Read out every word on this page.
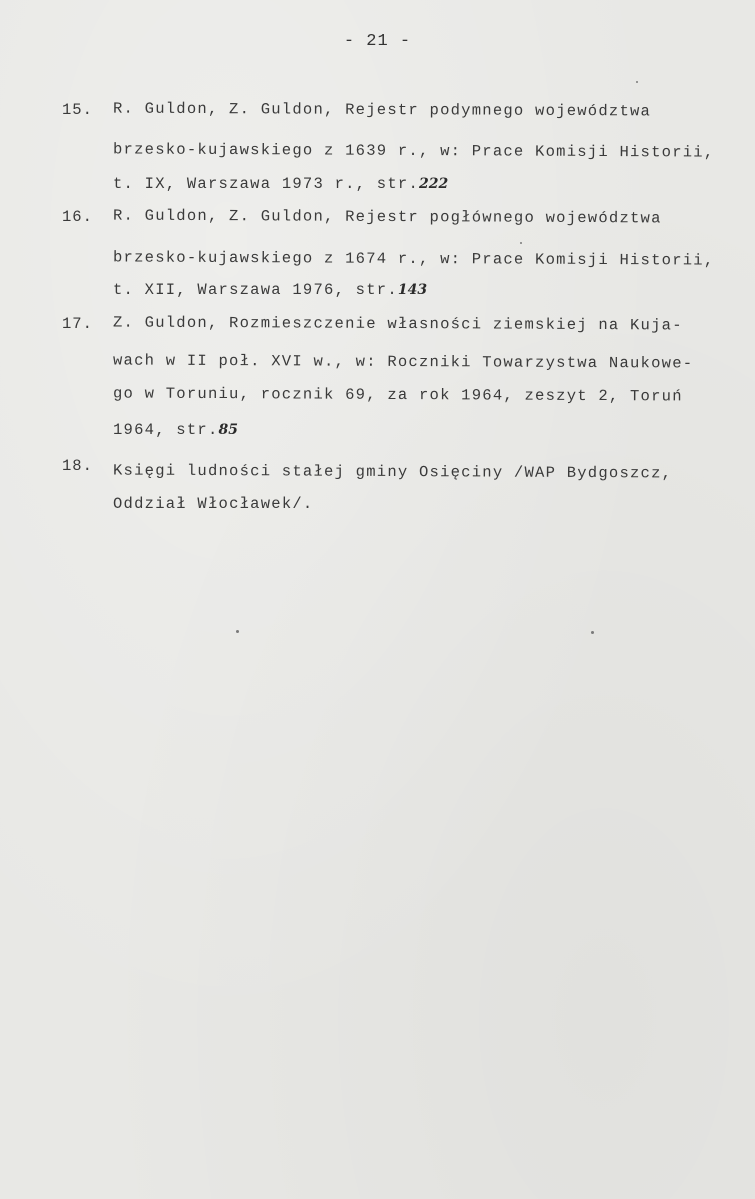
- 21 -
15. R. Guldon, Z. Guldon, Rejestr podymnego województwa
brzesko-kujawskiego z 1639 r., w: Prace Komisji Historii,
t. IX, Warszawa 1973 r., str.222
16. R. Guldon, Z. Guldon, Rejestr pogłównego województwa
brzesko-kujawskiego z 1674 r., w: Prace Komisji Historii,
t. XII, Warszawa 1976, str.143
17. Z. Guldon, Rozmieszczenie własności ziemskiej na Kuja-
wach w II poł. XVI w., w: Roczniki Towarzystwa Naukowe-
go w Toruniu, rocznik 69, za rok 1964, zeszyt 2, Toruń
1964, str.85
18. Księgi ludności stałej gminy Osięciny /WAP Bydgoszcz,
Oddział Włocławek/.
